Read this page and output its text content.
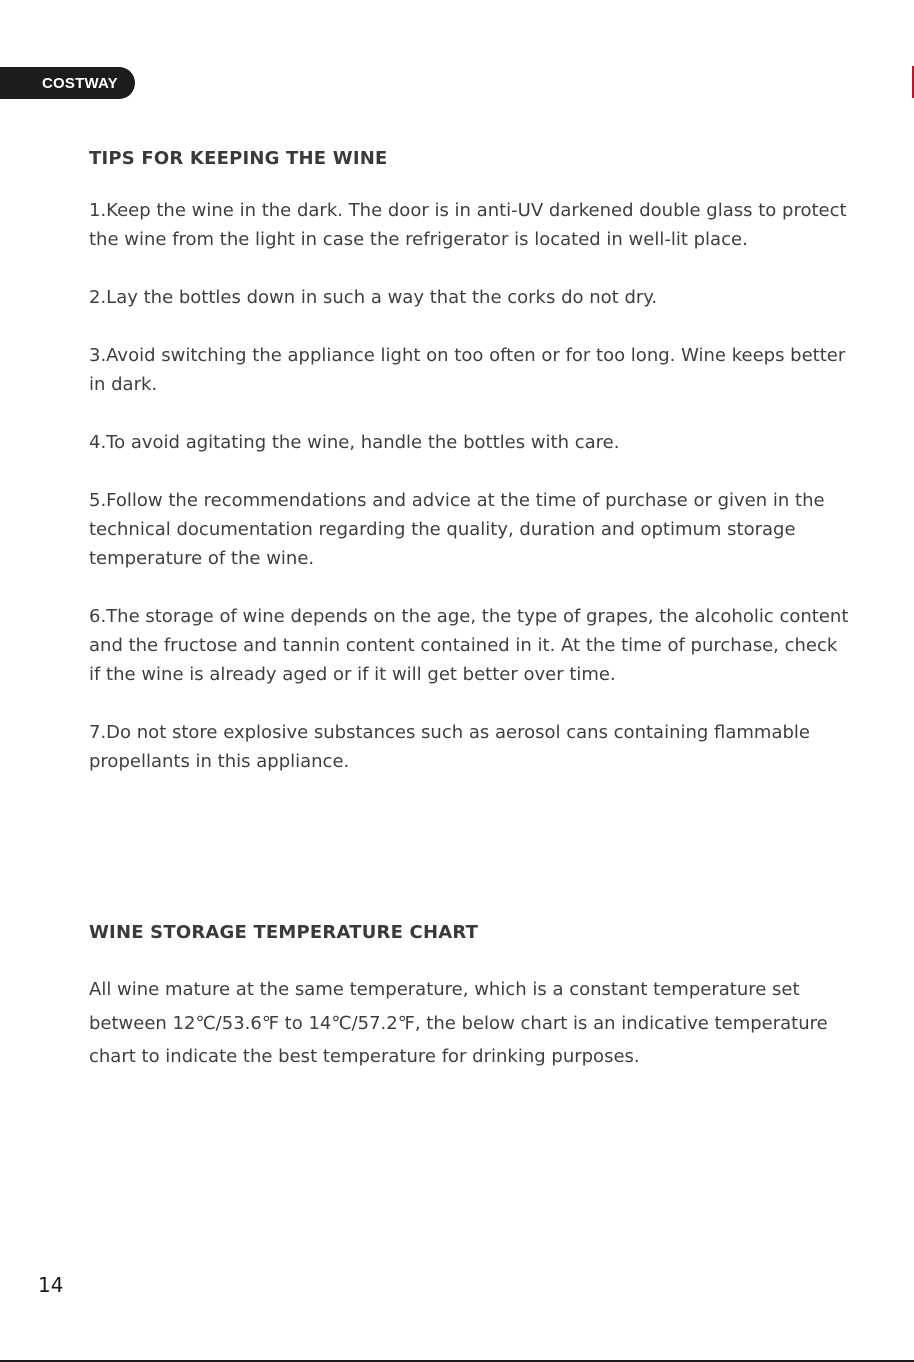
COSTWAY
TIPS FOR KEEPING THE WINE

1.Keep the wine in the dark. The door is in anti-UV darkened double glass to protect the wine from the light in case the refrigerator is located in well-lit place.

2.Lay the bottles down in such a way that the corks do not dry.

3.Avoid switching the appliance light on too often or for too long. Wine keeps better in dark.

4.To avoid agitating the wine, handle the bottles with care.

5.Follow the recommendations and advice at the time of purchase or given in the technical documentation regarding the quality, duration and optimum storage temperature of the wine.

6.The storage of wine depends on the age, the type of grapes, the alcoholic content and the fructose and tannin content contained in it. At the time of purchase, check if the wine is already aged or if it will get better over time.

7.Do not store explosive substances such as aerosol cans containing flammable propellants in this appliance.

WINE STORAGE TEMPERATURE CHART

All wine mature at the same temperature, which is a constant temperature set between 12℃/53.6℉ to 14℃/57.2℉, the below chart is an indicative temperature chart to indicate the best temperature for drinking purposes.

14
